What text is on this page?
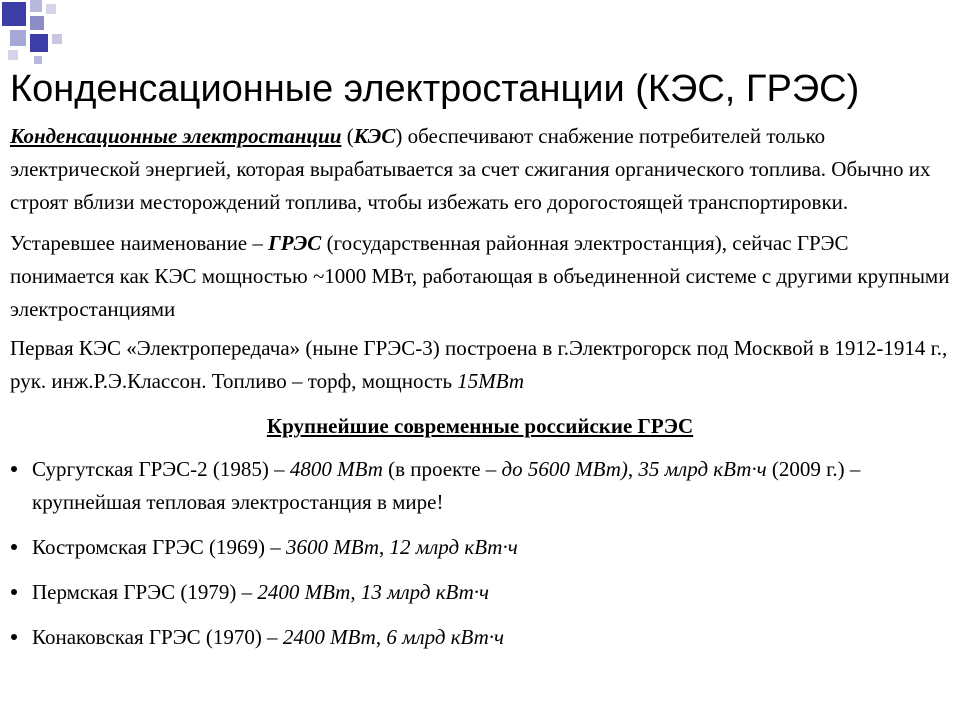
Конденсационные электростанции (КЭС, ГРЭС)

Конденсационные электростанции (КЭС) обеспечивают снабжение потребителей только электрической энергией, которая вырабатывается за счет сжигания органического топлива. Обычно их строят вблизи месторождений топлива, чтобы избежать его дорогостоящей транспортировки.

Устаревшее наименование – ГРЭС (государственная районная электростанция), сейчас ГРЭС понимается как КЭС мощностью ~1000 МВт, работающая в объединенной системе с другими крупными электростанциями

Первая КЭС «Электропередача» (ныне ГРЭС-3) построена в г.Электрогорск под Москвой в 1912-1914 г., рук. инж.Р.Э.Классон. Топливо – торф, мощность 15МВт

Крупнейшие современные российские ГРЭС

Сургутская ГРЭС-2 (1985) – 4800 МВт (в проекте – до 5600 МВт), 35 млрд кВт·ч (2009 г.) – крупнейшая тепловая электростанция в мире!
Костромская ГРЭС (1969) – 3600 МВт, 12 млрд кВт·ч
Пермская ГРЭС (1979) – 2400 МВт, 13 млрд кВт·ч
Конаковская ГРЭС (1970) – 2400 МВт, 6 млрд кВт·ч
